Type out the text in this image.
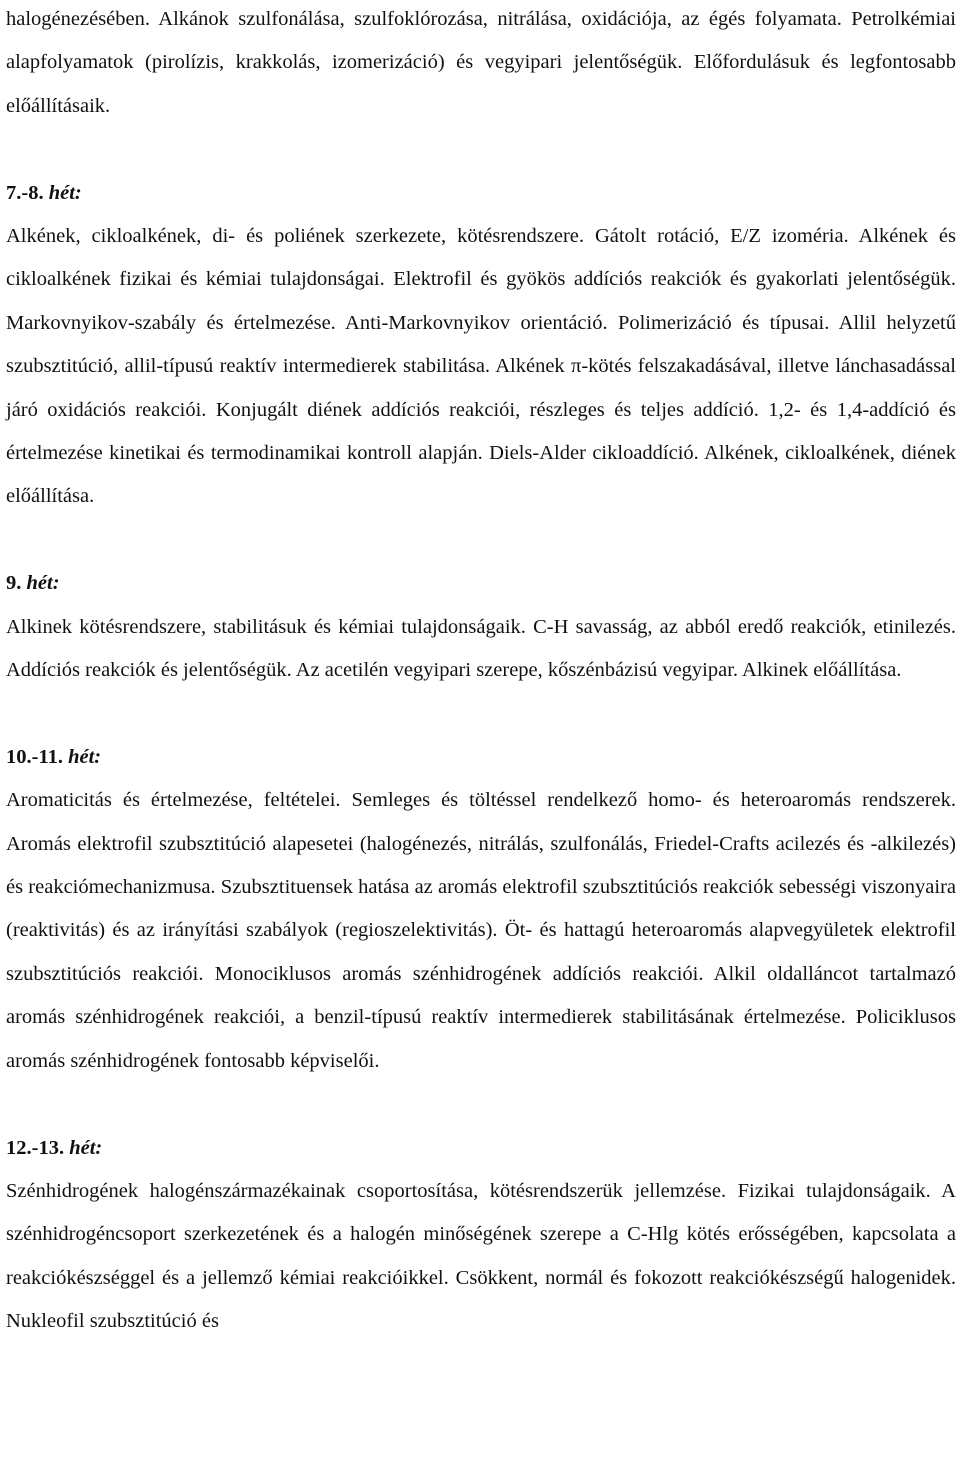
halogénezésében. Alkánok szulfonálása, szulfoklórozása, nitrálása, oxidációja, az égés folyamata. Petrolkémiai alapfolyamatok (pirolízis, krakkolás, izomerizáció) és vegyipari jelentőségük. Előfordulásuk és legfontosabb előállításaik.

7.-8. hét:

Alkének, cikloalkének, di- és poliének szerkezete, kötésrendszere. Gátolt rotáció, E/Z izoméria. Alkének és cikloalkének fizikai és kémiai tulajdonságai. Elektrofil és gyökös addíciós reakciók és gyakorlati jelentőségük. Markovnyikov-szabály és értelmezése. Anti-Markovnyikov orientáció. Polimerizáció és típusai. Allil helyzetű szubsztitúció, allil-típusú reaktív intermedierek stabilitása. Alkének π-kötés felszakadásával, illetve lánchasadással járó oxidációs reakciói. Konjugált diének addíciós reakciói, részleges és teljes addíció. 1,2- és 1,4-addíció és értelmezése kinetikai és termodinamikai kontroll alapján. Diels-Alder cikloaddíció. Alkének, cikloalkének, diének előállítása.

9. hét:

Alkinek kötésrendszere, stabilitásuk és kémiai tulajdonságaik. C-H savasság, az abból eredő reakciók, etinilezés. Addíciós reakciók és jelentőségük. Az acetilén vegyipari szerepe, kőszénbázisú vegyipar. Alkinek előállítása.

10.-11. hét:

Aromaticitás és értelmezése, feltételei. Semleges és töltéssel rendelkező homo- és heteroaromás rendszerek. Aromás elektrofil szubsztitúció alapesetei (halogénezés, nitrálás, szulfonálás, Friedel-Crafts acilezés és -alkilezés) és reakciómechanizmusa. Szubsztituensek hatása az aromás elektrofil szubsztitúciós reakciók sebességi viszonyaira (reaktivitás) és az irányítási szabályok (regioszelektivitás). Öt- és hattagú heteroaromás alapvegyületek elektrofil szubsztitúciós reakciói. Monociklusos aromás szénhidrogének addíciós reakciói. Alkil oldalláncot tartalmazó aromás szénhidrogének reakciói, a benzil-típusú reaktív intermedierek stabilitásának értelmezése. Policiklusos aromás szénhidrogének fontosabb képviselői.

12.-13. hét:

Szénhidrogének halogénszármazékainak csoportosítása, kötésrendszerük jellemzése. Fizikai tulajdonságaik. A szénhidrogéncsoport szerkezetének és a halogén minőségének szerepe a C-Hlg kötés erősségében, kapcsolata a reakciókészséggel és a jellemző kémiai reakcióikkel. Csökkent, normál és fokozott reakciókészségű halogenidek. Nukleofil szubsztitúció és
